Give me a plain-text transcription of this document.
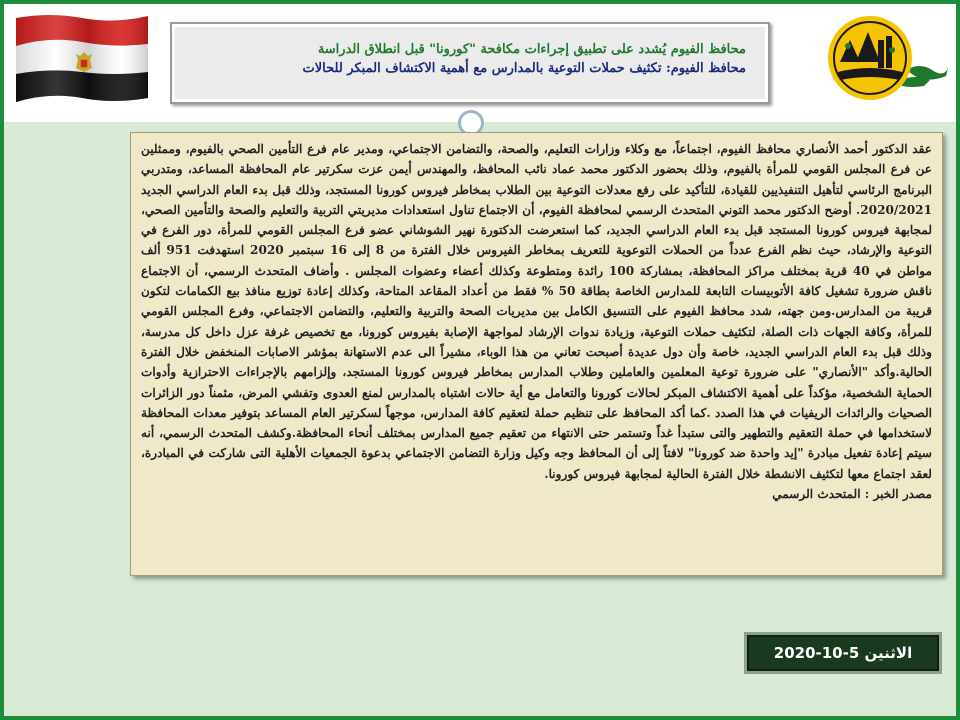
محافظ الفيوم يُشدد على تطبيق إجراءات مكافحة "كورونا" قبل انطلاق الدراسة
محافظ الفيوم: تكثيف حملات التوعية بالمدارس مع أهمية الاكتشاف المبكر للحالات

عقد الدكتور أحمد الأنصاري محافظ الفيوم، اجتماعاً، مع وكلاء وزارات التعليم، والصحة، والتضامن الاجتماعي، ومدير عام فرع التأمين الصحي بالفيوم، وممثلين عن فرع المجلس القومي للمرأة بالفيوم، وذلك بحضور الدكتور محمد عماد نائب المحافظ، والمهندس أيمن عزت سكرتير عام المحافظة المساعد، ومتدربي البرنامج الرئاسي لتأهيل التنفيذيين للقيادة، للتأكيد على رفع معدلات التوعية بين الطلاب بمخاطر فيروس كورونا المستجد، وذلك قبل بدء العام الدراسي الجديد 2020/2021. أوضح الدكتور محمد التوني المتحدث الرسمي لمحافظة الفيوم، أن الاجتماع تناول استعدادات مديريتي التربية والتعليم والصحة والتأمين الصحي، لمجابهة فيروس كورونا المستجد قبل بدء العام الدراسي الجديد، كما استعرضت الدكتورة نهير الشوشاني عضو فرع المجلس القومي للمرأة، دور الفرع في التوعية والإرشاد، حيث نظم الفرع عدداً من الحملات التوعوية للتعريف بمخاطر الفيروس خلال الفترة من 8 إلى 16 سبتمبر 2020 استهدفت 951 ألف مواطن في 40 قرية بمختلف مراكز المحافظة، بمشاركة 100 رائدة ومتطوعة وكذلك أعضاء وعضوات المجلس . وأضاف المتحدث الرسمي، أن الاجتماع ناقش ضرورة تشغيل كافة الأتوبيسات التابعة للمدارس الخاصة بطاقة 50 % فقط من أعداد المقاعد المتاحة، وكذلك إعادة توزيع منافذ بيع الكمامات لتكون قريبة من المدارس.ومن جهته، شدد محافظ الفيوم على التنسيق الكامل بين مديريات الصحة والتربية والتعليم، والتضامن الاجتماعي، وفرع المجلس القومي للمرأة، وكافة الجهات ذات الصلة، لتكثيف حملات التوعية، وزيادة ندوات الإرشاد لمواجهة الإصابة بفيروس كورونا، مع تخصيص غرفة عزل داخل كل مدرسة، وذلك قبل بدء العام الدراسي الجديد، خاصة وأن دول عديدة أصبحت تعاني من هذا الوباء، مشيراً الى عدم الاستهانة بمؤشر الاصابات المنخفض خلال الفترة الحالية.وأكد "الأنصاري" على ضرورة توعية المعلمين والعاملين وطلاب المدارس بمخاطر فيروس كورونا المستجد، وإلزامهم بالإجراءات الاحترازية وأدوات الحماية الشخصية، مؤكداً على أهمية الاكتشاف المبكر لحالات كورونا والتعامل مع أية حالات اشتباه بالمدارس لمنع العدوى وتفشي المرض، مثمناً دور الزائرات الصحيات والرائدات الريفيات في هذا الصدد .كما أكد المحافظ على تنظيم حملة لتعقيم كافة المدارس، موجهاً لسكرتير العام المساعد بتوفير معدات المحافظة لاستخدامها في حملة التعقيم والتطهير والتى ستبدأ غداً وتستمر حتى الانتهاء من تعقيم جميع المدارس بمختلف أنحاء المحافظة.وكشف المتحدث الرسمي، أنه سيتم إعادة تفعيل مبادرة "إيد واحدة ضد كورونا" لافتاً إلى أن المحافظ وجه وكيل وزارة التضامن الاجتماعي بدعوة الجمعيات الأهلية التى شاركت في المبادرة، لعقد اجتماع معها لتكثيف الانشطة خلال الفترة الحالية لمجابهة فيروس كورونا.

مصدر الخبر : المتحدث الرسمي
الاثنين 5-10-2020
